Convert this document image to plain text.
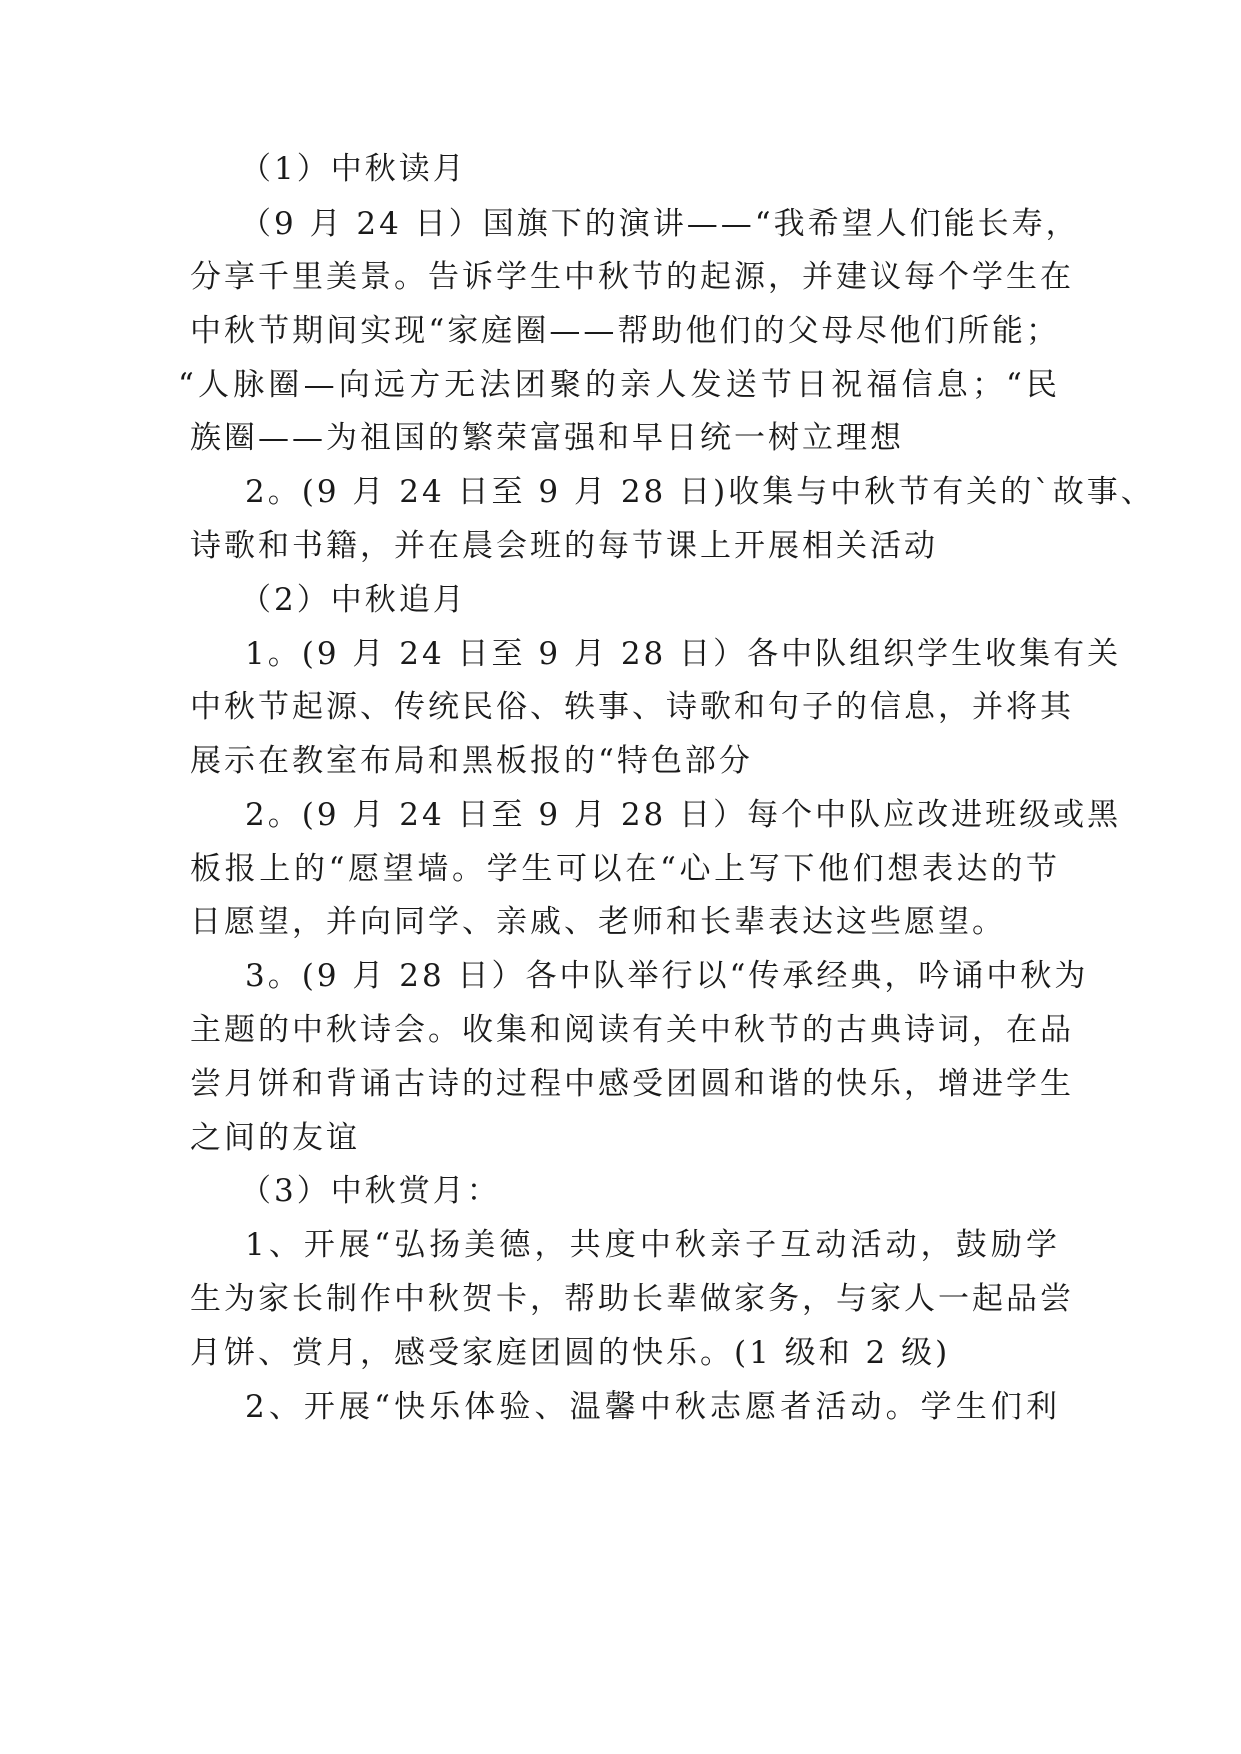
（1）中秋读月
（9 月 24 日）国旗下的演讲——“我希望人们能长寿，
分享千里美景。告诉学生中秋节的起源，并建议每个学生在
中秋节期间实现“家庭圈——帮助他们的父母尽他们所能；
“人脉圈—向远方无法团聚的亲人发送节日祝福信息；“民
族圈——为祖国的繁荣富强和早日统一树立理想
2。(9 月 24 日至 9 月 28 日)收集与中秋节有关的`故事、
诗歌和书籍，并在晨会班的每节课上开展相关活动
（2）中秋追月
1。(9 月 24 日至 9 月 28 日）各中队组织学生收集有关
中秋节起源、传统民俗、轶事、诗歌和句子的信息，并将其
展示在教室布局和黑板报的“特色部分
2。(9 月 24 日至 9 月 28 日）每个中队应改进班级或黑
板报上的“愿望墙。学生可以在“心上写下他们想表达的节
日愿望，并向同学、亲戚、老师和长辈表达这些愿望。
3。(9 月 28 日）各中队举行以“传承经典，吟诵中秋为
主题的中秋诗会。收集和阅读有关中秋节的古典诗词，在品
尝月饼和背诵古诗的过程中感受团圆和谐的快乐，增进学生
之间的友谊
（3）中秋赏月：
1、开展“弘扬美德，共度中秋亲子互动活动，鼓励学
生为家长制作中秋贺卡，帮助长辈做家务，与家人一起品尝
月饼、赏月，感受家庭团圆的快乐。(1 级和 2 级)
2、开展“快乐体验、温馨中秋志愿者活动。学生们利
